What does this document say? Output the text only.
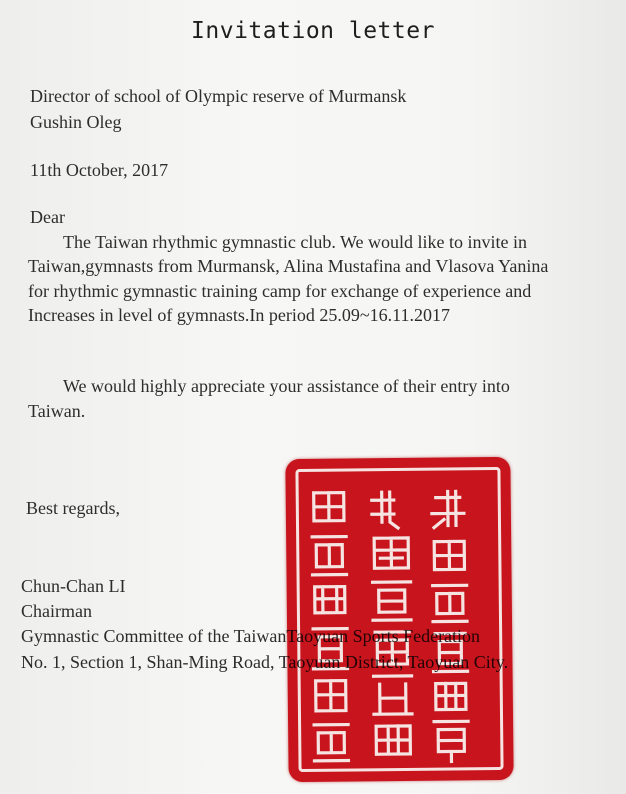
Invitation letter
Director of school of Olympic reserve of Murmansk
Gushin Oleg
11th October, 2017
Dear
The Taiwan rhythmic gymnastic club. We would like to invite in
Taiwan,gymnasts from Murmansk, Alina Mustafina and Vlasova Yanina
for rhythmic gymnastic training camp for exchange of experience and
Increases in level of gymnasts.In period 25.09~16.11.2017
We would highly appreciate your assistance of their entry into
Taiwan.
Best regards,
Chun-Chan LI
Chairman
Gymnastic Committee of the TaiwanTaoyuan Sports Federation
No. 1, Section 1, Shan-Ming Road, Taoyuan District, Taoyuan City.
